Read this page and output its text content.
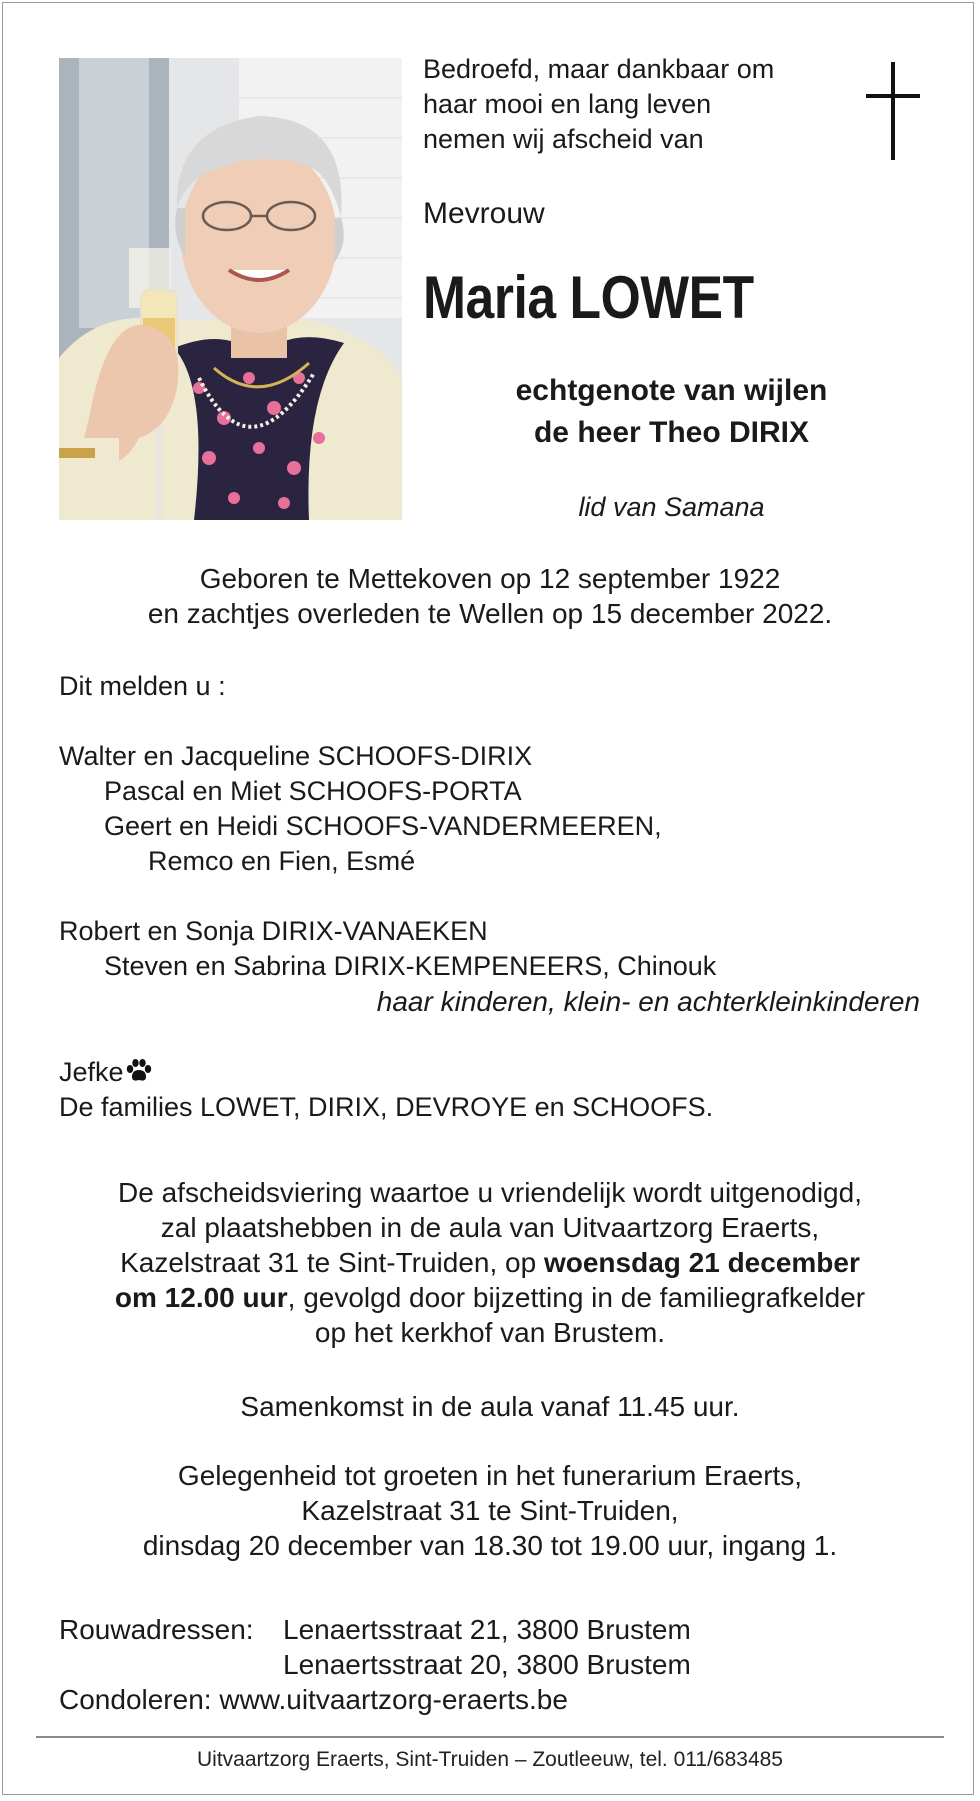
Bedroefd, maar dankbaar om
haar mooi en lang leven
nemen wij afscheid van
Mevrouw
Maria LOWET
echtgenote van wijlen
de heer Theo DIRIX
lid van Samana
Geboren te Mettekoven op 12 september 1922
en zachtjes overleden te Wellen op 15 december 2022.
Dit melden u :
Walter en Jacqueline SCHOOFS-DIRIX
Pascal en Miet SCHOOFS-PORTA
Geert en Heidi SCHOOFS-VANDERMEEREN,
Remco en Fien, Esmé
Robert en Sonja DIRIX-VANAEKEN
Steven en Sabrina DIRIX-KEMPENEERS, Chinouk
haar kinderen, klein- en achterkleinkinderen
Jefke
De families LOWET, DIRIX, DEVROYE en SCHOOFS.
De afscheidsviering waartoe u vriendelijk wordt uitgenodigd,
zal plaatshebben in de aula van Uitvaartzorg Eraerts,
Kazelstraat 31 te Sint-Truiden, op woensdag 21 december
om 12.00 uur, gevolgd door bijzetting in de familiegrafkelder
op het kerkhof van Brustem.
Samenkomst in de aula vanaf 11.45 uur.
Gelegenheid tot groeten in het funerarium Eraerts,
Kazelstraat 31 te Sint-Truiden,
dinsdag 20 december van 18.30 tot 19.00 uur, ingang 1.
Rouwadressen: Lenaertsstraat 21, 3800 Brustem
Lenaertsstraat 20, 3800 Brustem
Condoleren: www.uitvaartzorg-eraerts.be
Uitvaartzorg Eraerts, Sint-Truiden – Zoutleeuw, tel. 011/683485
